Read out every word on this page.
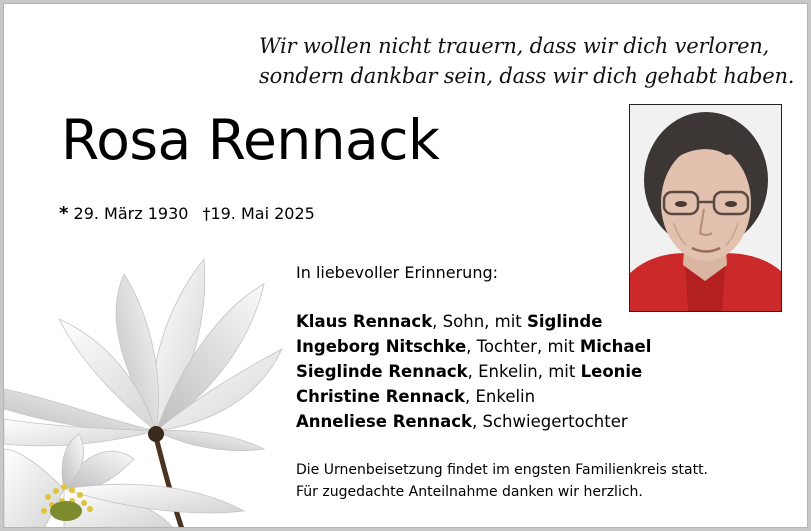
Wir wollen nicht trauern, dass wir dich verloren,
sondern dankbar sein, dass wir dich gehabt haben.
Rosa Rennack
* 29. März 1930 †19. Mai 2025
In liebevoller Erinnerung:
Klaus Rennack, Sohn, mit Siglinde
Ingeborg Nitschke, Tochter, mit Michael
Sieglinde Rennack, Enkelin, mit Leonie
Christine Rennack, Enkelin
Anneliese Rennack, Schwiegertochter
Die Urnenbeisetzung findet im engsten Familienkreis statt.
Für zugedachte Anteilnahme danken wir herzlich.
